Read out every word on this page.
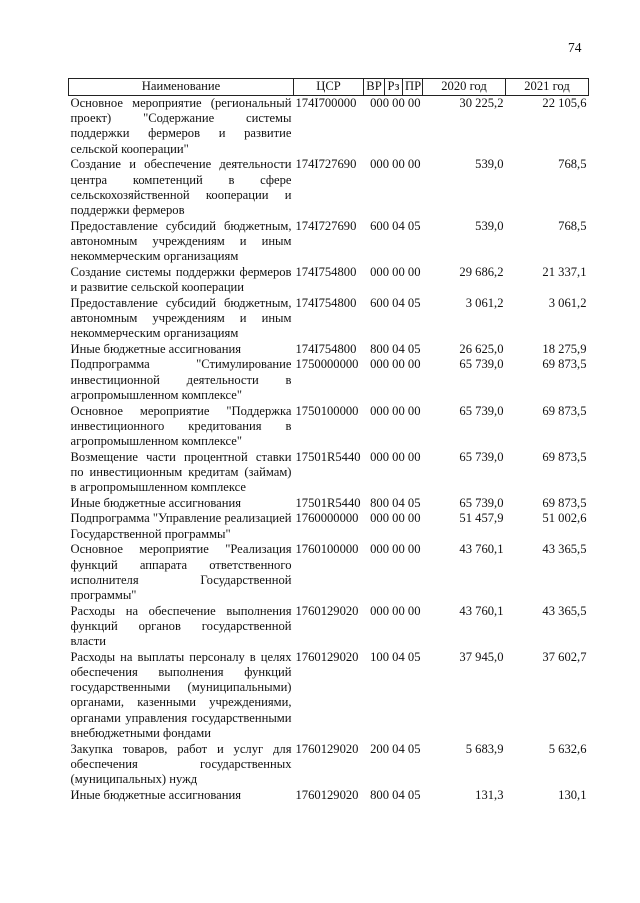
74
Наименование	ЦСР	ВР	Рз	ПР	2020 год	2021 год
Основное мероприятие (региональный проект) "Содержание системы поддержки фермеров и развитие сельской кооперации"	174I700000	000 00 00			30 225,2	22 105,6
Создание и обеспечение деятельности центра компетенций в сфере сельскохозяйственной кооперации и поддержки фермеров	174I727690	000 00 00			539,0	768,5
Предоставление субсидий бюджетным, автономным учреждениям и иным некоммерческим организациям	174I727690	600 04 05			539,0	768,5
Создание системы поддержки фермеров и развитие сельской кооперации	174I754800	000 00 00			29 686,2	21 337,1
Предоставление субсидий бюджетным, автономным учреждениям и иным некоммерческим организациям	174I754800	600 04 05			3 061,2	3 061,2
Иные бюджетные ассигнования	174I754800	800 04 05			26 625,0	18 275,9
Подпрограмма "Стимулирование инвестиционной деятельности в агропромышленном комплексе"	1750000000	000 00 00			65 739,0	69 873,5
Основное мероприятие "Поддержка инвестиционного кредитования в агропромышленном комплексе"	1750100000	000 00 00			65 739,0	69 873,5
Возмещение части процентной ставки по инвестиционным кредитам (займам) в агропромышленном комплексе	17501R5440	000 00 00			65 739,0	69 873,5
Иные бюджетные ассигнования	17501R5440	800 04 05			65 739,0	69 873,5
Подпрограмма "Управление реализацией Государственной программы"	1760000000	000 00 00			51 457,9	51 002,6
Основное мероприятие "Реализация функций аппарата ответственного исполнителя Государственной программы"	1760100000	000 00 00			43 760,1	43 365,5
Расходы на обеспечение выполнения функций органов государственной власти	1760129020	000 00 00			43 760,1	43 365,5
Расходы на выплаты персоналу в целях обеспечения выполнения функций государственными (муниципальными) органами, казенными учреждениями, органами управления государственными внебюджетными фондами	1760129020	100 04 05			37 945,0	37 602,7
Закупка товаров, работ и услуг для обеспечения государственных (муниципальных) нужд	1760129020	200 04 05			5 683,9	5 632,6
Иные бюджетные ассигнования	1760129020	800 04 05			131,3	130,1
